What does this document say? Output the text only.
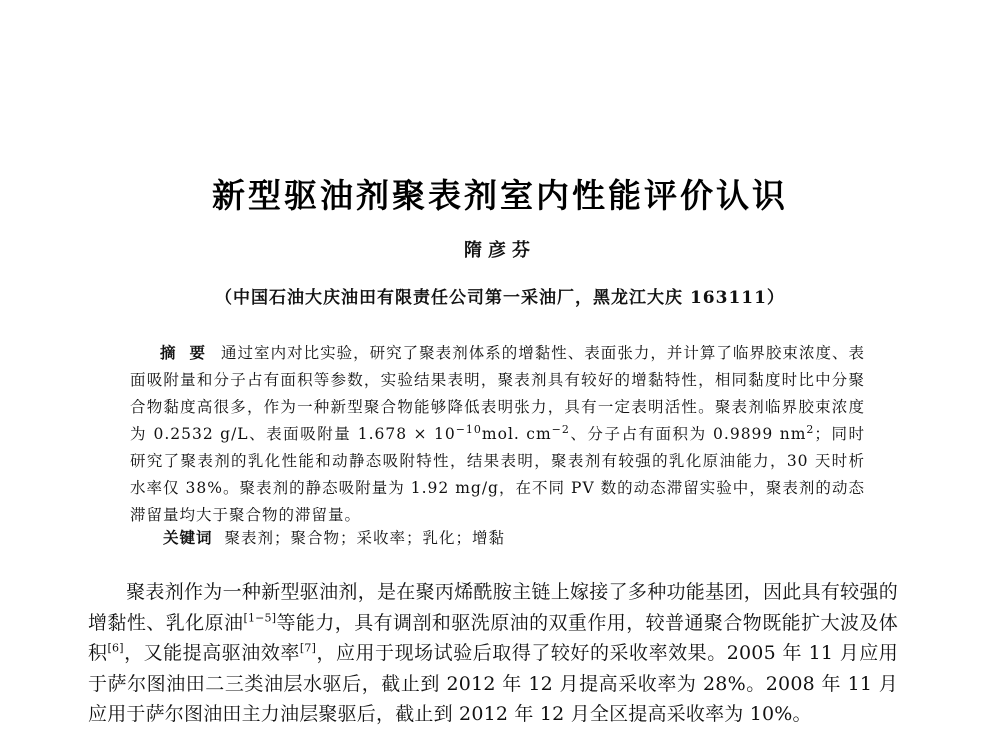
新型驱油剂聚表剂室内性能评价认识
隋彦芬
（中国石油大庆油田有限责任公司第一采油厂，黑龙江大庆 163111）
摘要 通过室内对比实验，研究了聚表剂体系的增黏性、表面张力，并计算了临界胶束浓度、表面吸附量和分子占有面积等参数，实验结果表明，聚表剂具有较好的增黏特性，相同黏度时比中分聚合物黏度高很多，作为一种新型聚合物能够降低表明张力，具有一定表明活性。聚表剂临界胶束浓度为 0.2532 g/L、表面吸附量 $1.678 \times 10^{-10}mol$. $cm^{-2}$、分子占有面积为 0.9899 $nm^2$；同时研究了聚表剂的乳化性能和动静态吸附特性，结果表明，聚表剂有较强的乳化原油能力，30 天时析水率仅 38%。聚表剂的静态吸附量为 1.92 mg/g，在不同 PV 数的动态滞留实验中，聚表剂的动态滞留量均大于聚合物的滞留量。
关键词 聚表剂；聚合物；采收率；乳化；增黏
聚表剂作为一种新型驱油剂，是在聚丙烯酰胺主链上嫁接了多种功能基团，因此具有较强的增黏性、乳化原油[1−5]等能力，具有调剖和驱洗原油的双重作用，较普通聚合物既能扩大波及体积[6]，又能提高驱油效率[7]，应用于现场试验后取得了较好的采收率效果。2005 年 11 月应用于萨尔图油田二三类油层水驱后，截止到 2012 年 12 月提高采收率为 28%。2008 年 11 月应用于萨尔图油田主力油层聚驱后，截止到 2012 年 12 月全区提高采收率为 10%。
